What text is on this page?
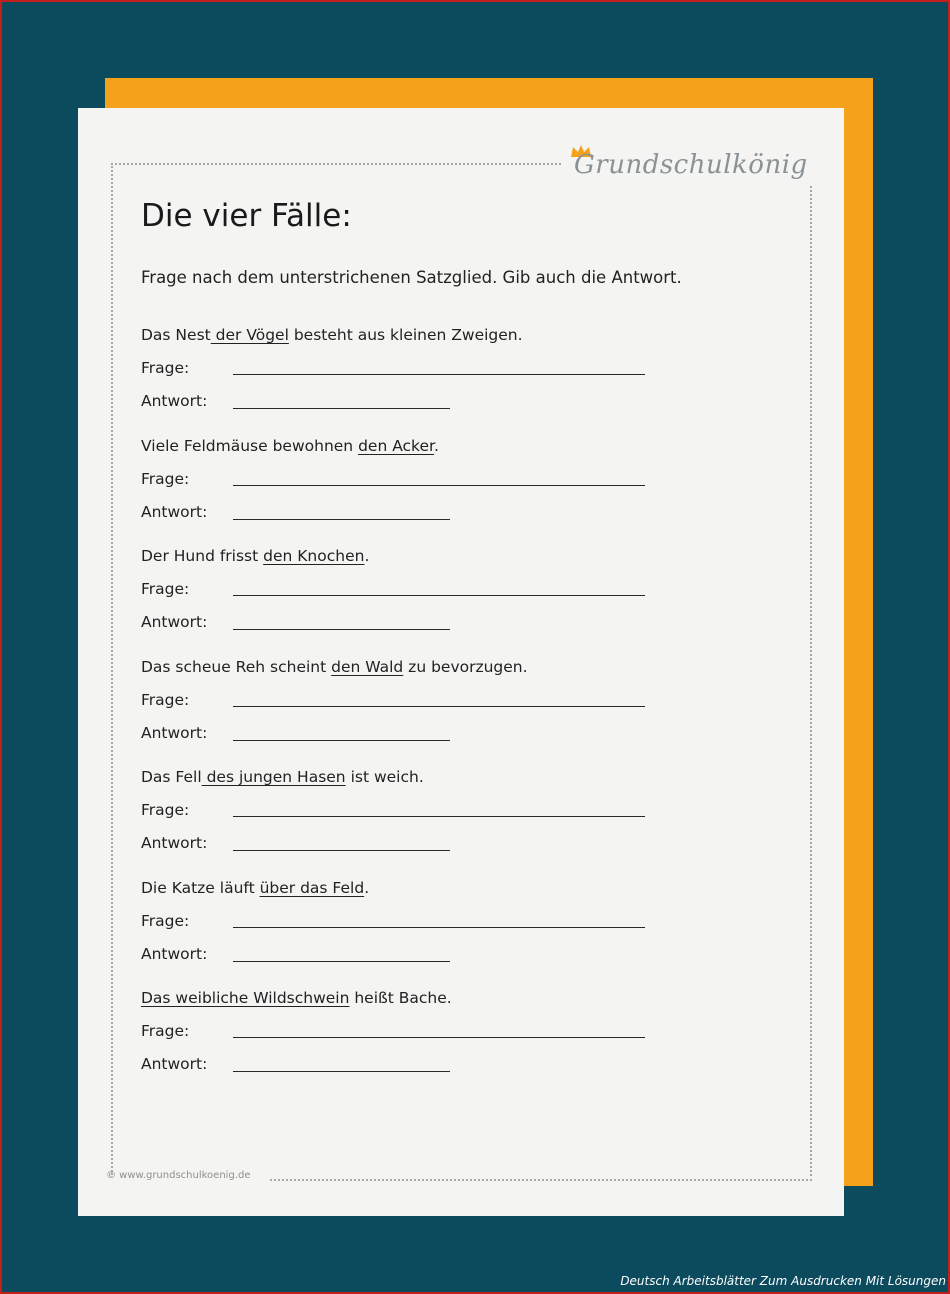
Grundschulkönig
Die vier Fälle:
Frage nach dem unterstrichenen Satzglied. Gib auch die Antwort.
Das Nest der Vögel besteht aus kleinen Zweigen.
Frage:
Antwort:
Viele Feldmäuse bewohnen den Acker.
Frage:
Antwort:
Der Hund frisst den Knochen.
Frage:
Antwort:
Das scheue Reh scheint den Wald zu bevorzugen.
Frage:
Antwort:
Das Fell des jungen Hasen ist weich.
Frage:
Antwort:
Die Katze läuft über das Feld.
Frage:
Antwort:
Das weibliche Wildschwein heißt Bache.
Frage:
Antwort:
© www.grundschulkoenig.de
Deutsch Arbeitsblätter Zum Ausdrucken Mit Lösungen
